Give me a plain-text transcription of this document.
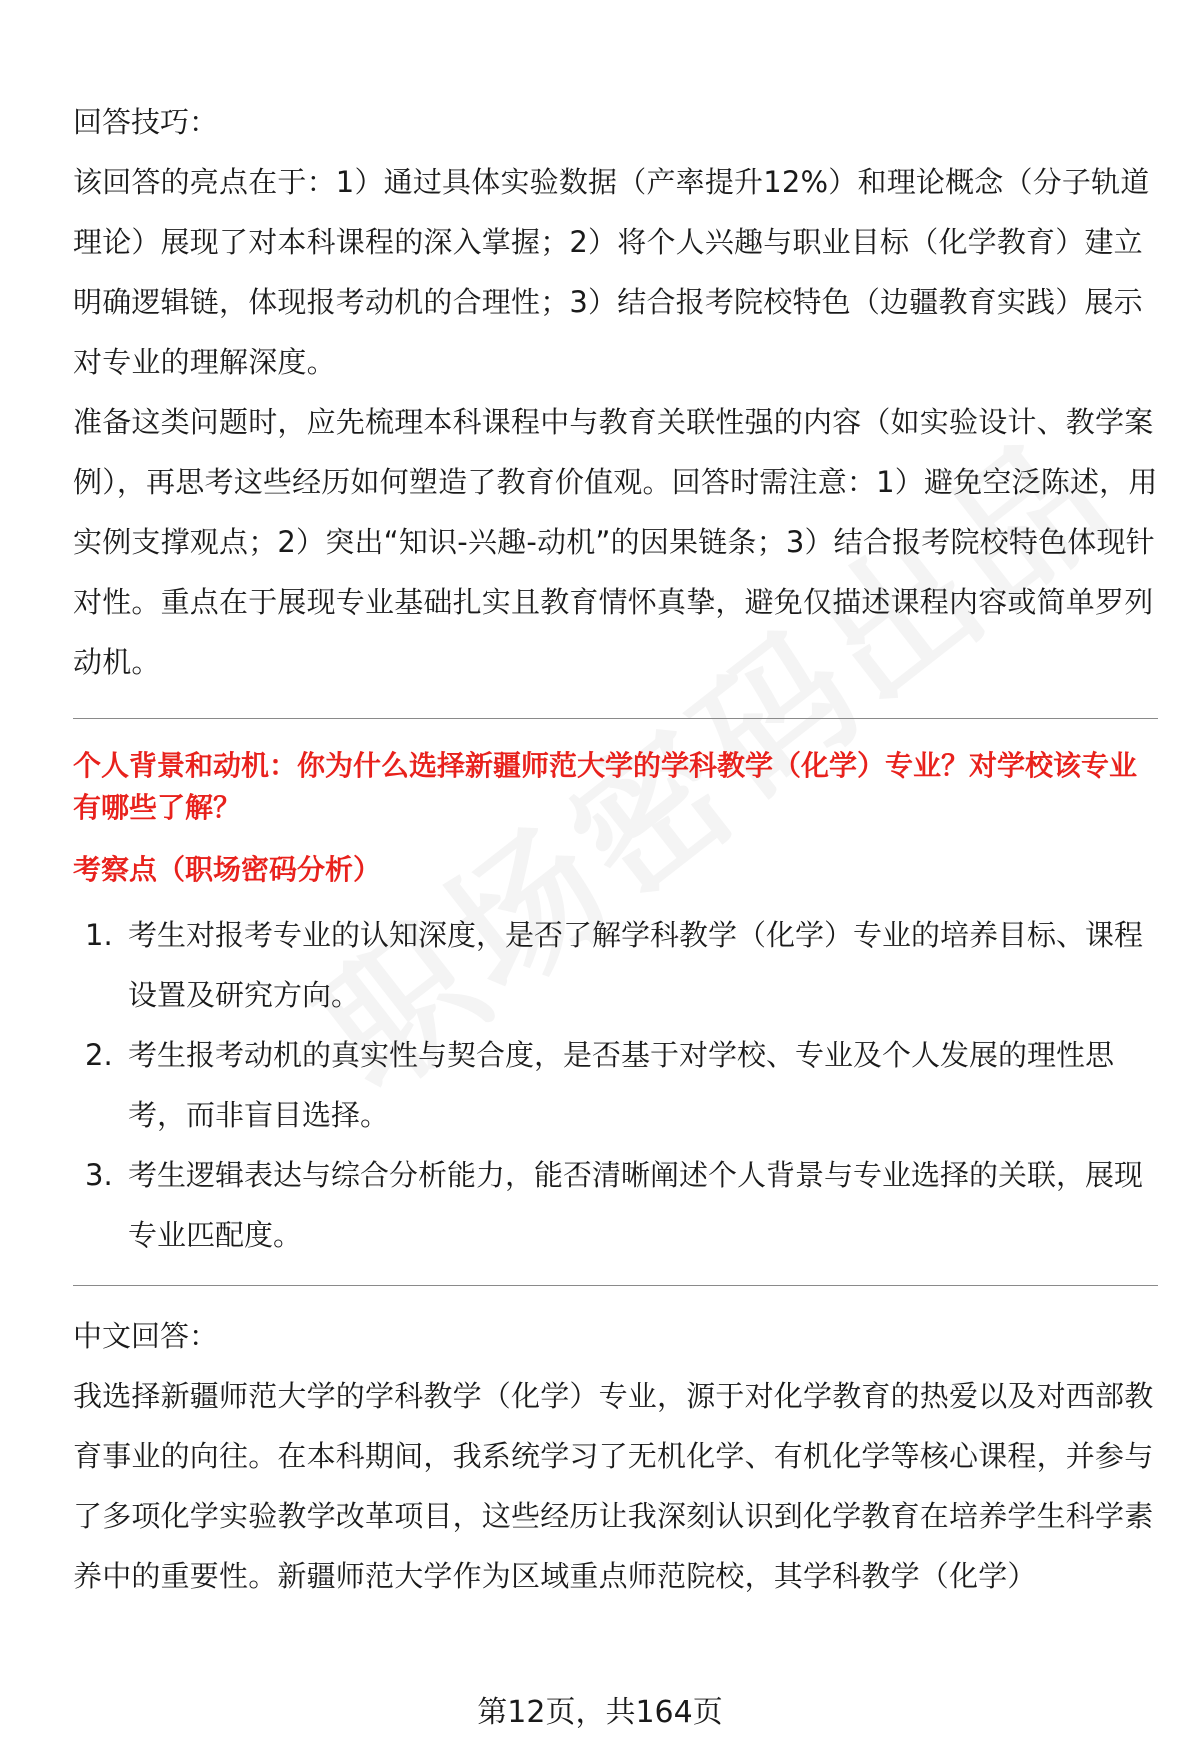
回答技巧：

该回答的亮点在于：1）通过具体实验数据（产率提升12%）和理论概念（分子轨道理论）展现了对本科课程的深入掌握；2）将个人兴趣与职业目标（化学教育）建立明确逻辑链，体现报考动机的合理性；3）结合报考院校特色（边疆教育实践）展示对专业的理解深度。

准备这类问题时，应先梳理本科课程中与教育关联性强的内容（如实验设计、教学案例），再思考这些经历如何塑造了教育价值观。回答时需注意：1）避免空泛陈述，用实例支撑观点；2）突出“知识-兴趣-动机”的因果链条；3）结合报考院校特色体现针对性。重点在于展现专业基础扎实且教育情怀真挚，避免仅描述课程内容或简单罗列动机。

个人背景和动机：你为什么选择新疆师范大学的学科教学（化学）专业？对学校该专业有哪些了解？

考察点（职场密码分析）

1. 考生对报考专业的认知深度，是否了解学科教学（化学）专业的培养目标、课程设置及研究方向。
2. 考生报考动机的真实性与契合度，是否基于对学校、专业及个人发展的理性思考，而非盲目选择。
3. 考生逻辑表达与综合分析能力，能否清晰阐述个人背景与专业选择的关联，展现专业匹配度。

中文回答：

我选择新疆师范大学的学科教学（化学）专业，源于对化学教育的热爱以及对西部教育事业的向往。在本科期间，我系统学习了无机化学、有机化学等核心课程，并参与了多项化学实验教学改革项目，这些经历让我深刻认识到化学教育在培养学生科学素养中的重要性。新疆师范大学作为区域重点师范院校，其学科教学（化学）

第12页，共164页
